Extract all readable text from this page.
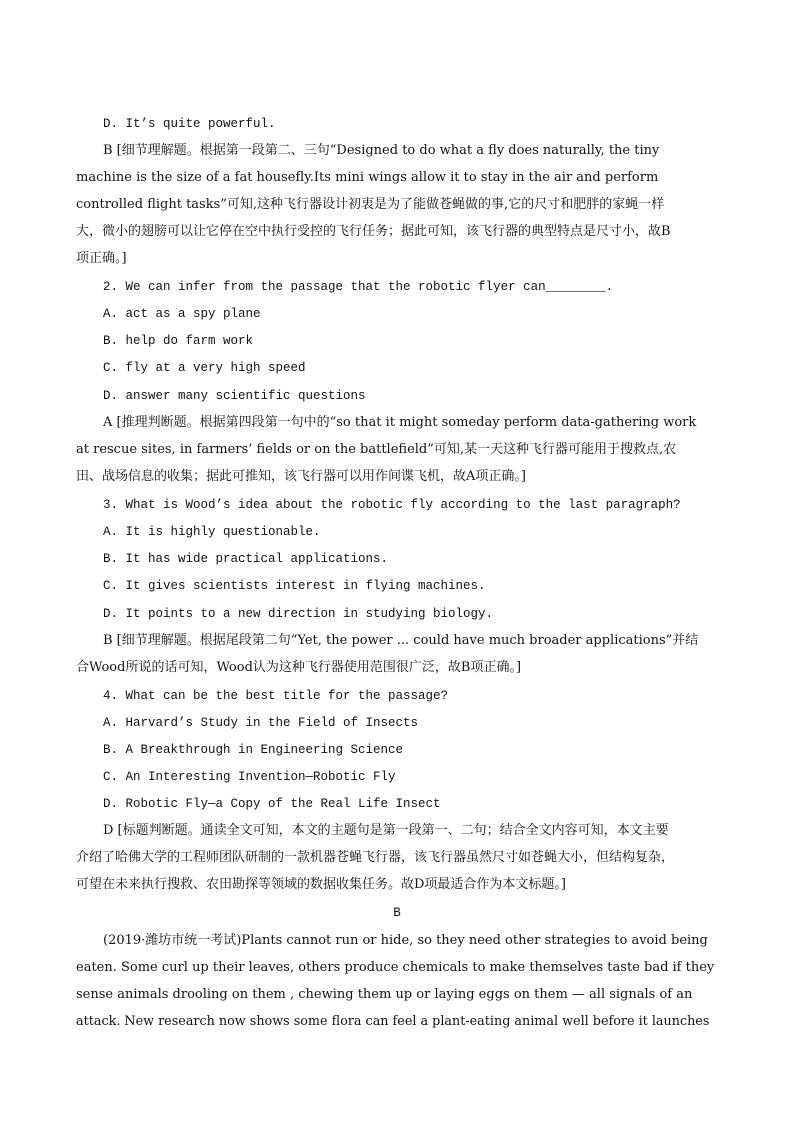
D. It’s quite powerful.
B [细节理解题。根据第一段第二、三句“Designed to do what a fly does naturally, the tiny
machine is the size of a fat housefly.Its mini wings allow it to stay in the air and perform
controlled flight tasks”可知,这种飞行器设计初衷是为了能做苍蝇做的事,它的尺寸和肥胖的家蝇一样
大，微小的翅膀可以让它停在空中执行受控的飞行任务；据此可知，该飞行器的典型特点是尺寸小，故B
项正确。]
2. We can infer from the passage that the robotic flyer can________.
A. act as a spy plane
B. help do farm work
C. fly at a very high speed
D. answer many scientific questions
A [推理判断题。根据第四段第一句中的“so that it might someday perform data-gathering work
at rescue sites, in farmers’ fields or on the battlefield”可知,某一天这种飞行器可能用于搜救点,农
田、战场信息的收集；据此可推知，该飞行器可以用作间谍飞机，故A项正确。]
3. What is Wood’s idea about the robotic fly according to the last paragraph?
A. It is highly questionable.
B. It has wide practical applications.
C. It gives scientists interest in flying machines.
D. It points to a new direction in studying biology.
B [细节理解题。根据尾段第二句“Yet, the power ... could have much broader applications”并结
合Wood所说的话可知，Wood认为这种飞行器使用范围很广泛，故B项正确。]
4. What can be the best title for the passage?
A. Harvard’s Study in the Field of Insects
B. A Breakthrough in Engineering Science
C. An Interesting Invention—Robotic Fly
D. Robotic Fly—a Copy of the Real Life Insect
D [标题判断题。通读全文可知，本文的主题句是第一段第一、二句；结合全文内容可知，本文主要
介绍了哈佛大学的工程师团队研制的一款机器苍蝇飞行器，该飞行器虽然尺寸如苍蝇大小，但结构复杂，
可望在未来执行搜救、农田勘探等领域的数据收集任务。故D项最适合作为本文标题。]
B
(2019·潍坊市统一考试)Plants cannot run or hide, so they need other strategies to avoid being
eaten. Some curl up their leaves, others produce chemicals to make themselves taste bad if they
sense animals drooling on them , chewing them up or laying eggs on them — all signals of an
attack. New research now shows some flora can feel a plant-eating animal well before it launches
